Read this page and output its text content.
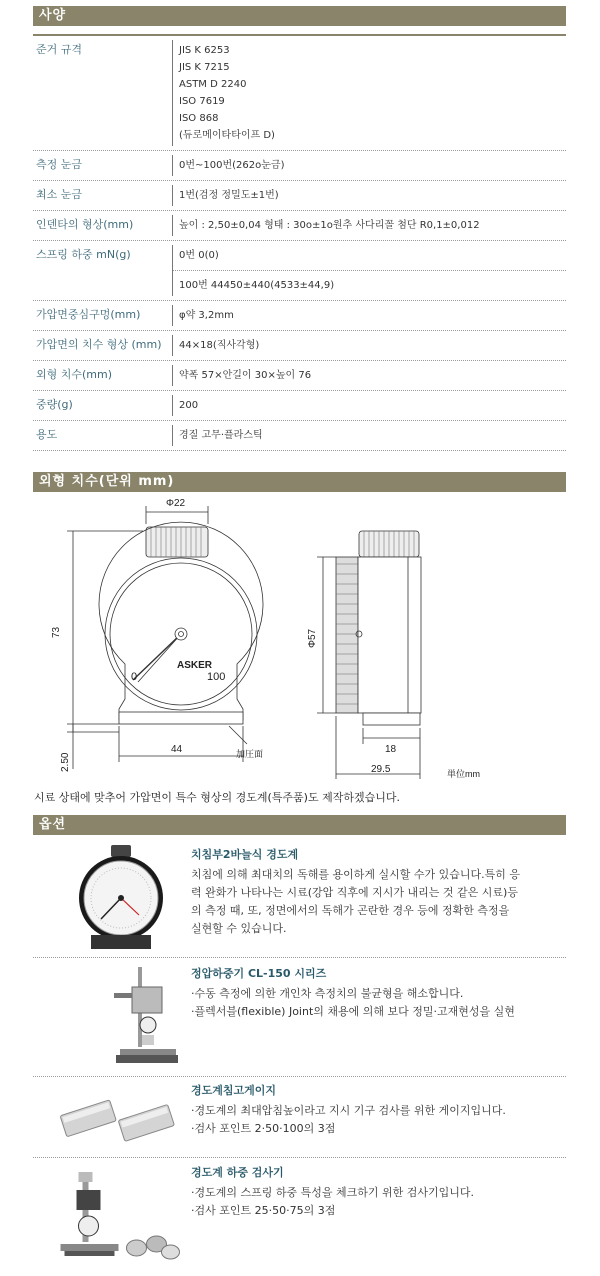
사양
준거 규격	JIS K 6253
JIS K 7215
ASTM D 2240
ISO 7619
ISO 868
(듀로메이타타이프 D)
측정 눈금	0번~100번(262o눈금)
최소 눈금	1번(검정 정밀도±1번)
인덴타의 형상(mm)	높이 : 2,50±0,04 형태 : 30o±1o원추 사다리꼴 첨단 R0,1±0,012
스프링 하중 mN(g)	0번 0(0)
100번 44450±440(4533±44,9)
가압면중심구멍(mm)	φ약 3,2mm
가압면의 치수 형상 (mm)	44×18(직사각형)
외형 치수(mm)	약폭 57×안길이 30×높이 76
중량(g)	200
용도	경질 고무·플라스틱
외형 치수(단위 mm)
Φ22
73
44
2.50	加圧面
Φ57
18
29.5	単位mm
ASKER
0	100
시료 상태에 맞추어 가압면이 특수 형상의 경도계(특주품)도 제작하겠습니다.
옵션
치침부2바늘식 경도계
치침에 의해 최대치의 독해를 용이하게 실시할 수가 있습니다.특히 응
력 완화가 나타나는 시료(강압 직후에 지시가 내리는 것 같은 시료)등
의 측정 때, 또, 정면에서의 독해가 곤란한 경우 등에 정확한 측정을
실현할 수 있습니다.
정압하중기 CL-150 시리즈
·수동 측정에 의한 개인차 측정치의 불균형을 해소합니다.
·플렉서블(flexible) Joint의 채용에 의해 보다 정밀·고재현성을 실현
경도계침고게이지
·경도계의 최대압침높이라고 지시 기구 검사를 위한 게이지입니다.
·검사 포인트 2·50·100의 3점
경도계 하중 검사기
·경도계의 스프링 하중 특성을 체크하기 위한 검사기입니다.
·검사 포인트 25·50·75의 3점
